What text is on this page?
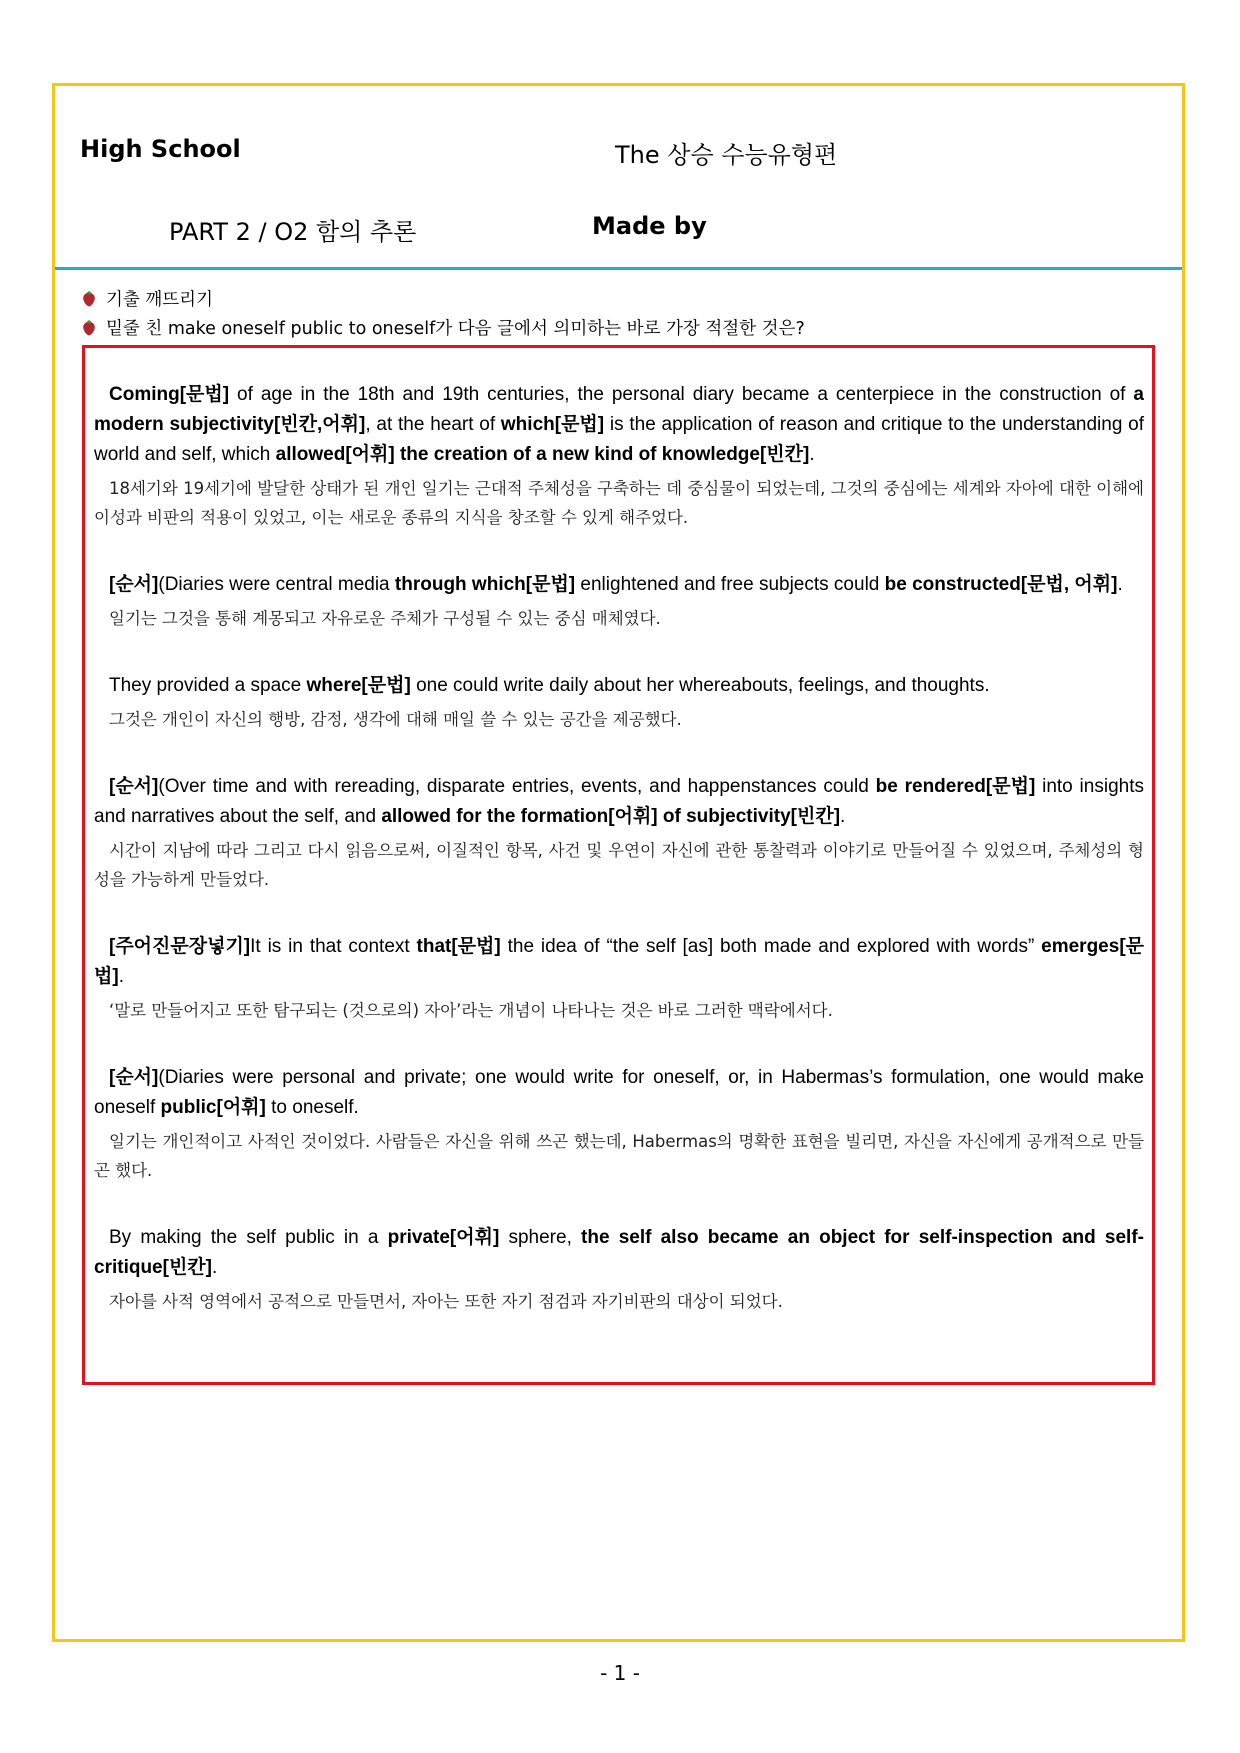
High School	The 상승 수능유형편
PART 2 / O2 함의 추론	Made by
기출 깨뜨리기
밑줄 친 make oneself public to oneself가 다음 글에서 의미하는 바로 가장 적절한 것은?

Coming[문법] of age in the 18th and 19th centuries, the personal diary became a centerpiece in the construction of a modern subjectivity[빈칸,어휘], at the heart of which[문법] is the application of reason and critique to the understanding of world and self, which allowed[어휘] the creation of a new kind of knowledge[빈칸].

18세기와 19세기에 발달한 상태가 된 개인 일기는 근대적 주체성을 구축하는 데 중심물이 되었는데, 그것의 중심에는 세계와 자아에 대한 이해에 이성과 비판의 적용이 있었고, 이는 새로운 종류의 지식을 창조할 수 있게 해주었다.

[순서](Diaries were central media through which[문법] enlightened and free subjects could be constructed[문법, 어휘].

일기는 그것을 통해 계몽되고 자유로운 주체가 구성될 수 있는 중심 매체였다.

They provided a space where[문법] one could write daily about her whereabouts, feelings, and thoughts.

그것은 개인이 자신의 행방, 감정, 생각에 대해 매일 쓸 수 있는 공간을 제공했다.

[순서](Over time and with rereading, disparate entries, events, and happenstances could be rendered[문법] into insights and narratives about the self, and allowed for the formation[어휘] of subjectivity[빈칸].

시간이 지남에 따라 그리고 다시 읽음으로써, 이질적인 항목, 사건 및 우연이 자신에 관한 통찰력과 이야기로 만들어질 수 있었으며, 주체성의 형성을 가능하게 만들었다.

[주어진문장넣기]It is in that context that[문법] the idea of “the self [as] both made and explored with words” emerges[문법].

‘말로 만들어지고 또한 탐구되는 (것으로의) 자아’라는 개념이 나타나는 것은 바로 그러한 맥락에서다.

[순서](Diaries were personal and private; one would write for oneself, or, in Habermas’s formulation, one would make oneself public[어휘] to oneself.

일기는 개인적이고 사적인 것이었다. 사람들은 자신을 위해 쓰곤 했는데, Habermas의 명확한 표현을 빌리면, 자신을 자신에게 공개적으로 만들곤 했다.

By making the self public in a private[어휘] sphere, the self also became an object for self-inspection and self-critique[빈칸].

자아를 사적 영역에서 공적으로 만들면서, 자아는 또한 자기 점검과 자기비판의 대상이 되었다.

- 1 -
